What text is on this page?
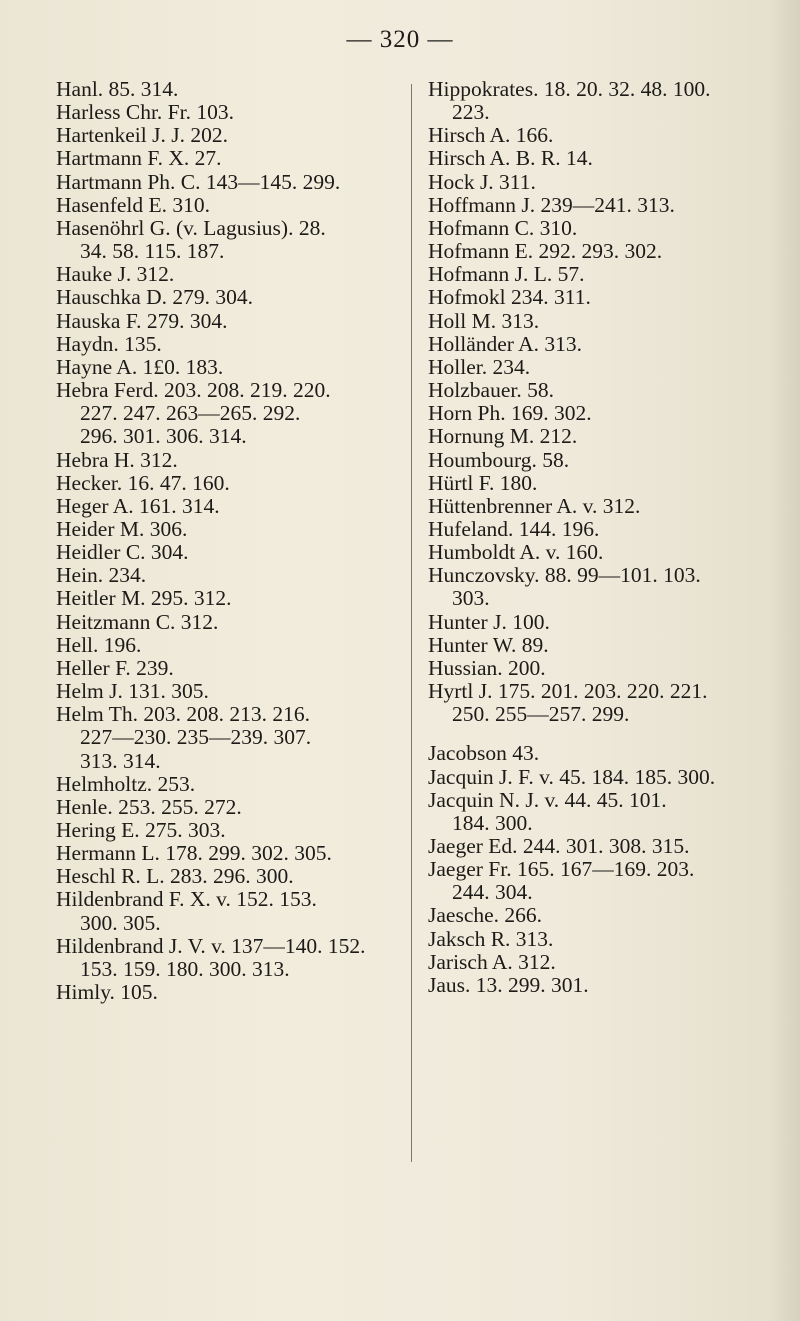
— 320 —
Hanl. 85. 314.
Harless Chr. Fr. 103.
Hartenkeil J. J. 202.
Hartmann F. X. 27.
Hartmann Ph. C. 143—145. 299.
Hasenfeld E. 310.
Hasenöhrl G. (v. Lagusius). 28.
34. 58. 115. 187.
Hauke J. 312.
Hauschka D. 279. 304.
Hauska F. 279. 304.
Haydn. 135.
Hayne A. 1£0. 183.
Hebra Ferd. 203. 208. 219. 220.
227. 247. 263—265. 292.
296. 301. 306. 314.
Hebra H. 312.
Hecker. 16. 47. 160.
Heger A. 161. 314.
Heider M. 306.
Heidler C. 304.
Hein. 234.
Heitler M. 295. 312.
Heitzmann C. 312.
Hell. 196.
Heller F. 239.
Helm J. 131. 305.
Helm Th. 203. 208. 213. 216.
227—230. 235—239. 307.
313. 314.
Helmholtz. 253.
Henle. 253. 255. 272.
Hering E. 275. 303.
Hermann L. 178. 299. 302. 305.
Heschl R. L. 283. 296. 300.
Hildenbrand F. X. v. 152. 153.
300. 305.
Hildenbrand J. V. v. 137—140. 152.
153. 159. 180. 300. 313.
Himly. 105.
Hippokrates. 18. 20. 32. 48. 100.
223.
Hirsch A. 166.
Hirsch A. B. R. 14.
Hock J. 311.
Hoffmann J. 239—241. 313.
Hofmann C. 310.
Hofmann E. 292. 293. 302.
Hofmann J. L. 57.
Hofmokl 234. 311.
Holl M. 313.
Holländer A. 313.
Holler. 234.
Holzbauer. 58.
Horn Ph. 169. 302.
Hornung M. 212.
Houmbourg. 58.
Hürtl F. 180.
Hüttenbrenner A. v. 312.
Hufeland. 144. 196.
Humboldt A. v. 160.
Hunczovsky. 88. 99—101. 103.
303.
Hunter J. 100.
Hunter W. 89.
Hussian. 200.
Hyrtl J. 175. 201. 203. 220. 221.
250. 255—257. 299.
Jacobson 43.
Jacquin J. F. v. 45. 184. 185. 300.
Jacquin N. J. v. 44. 45. 101.
184. 300.
Jaeger Ed. 244. 301. 308. 315.
Jaeger Fr. 165. 167—169. 203.
244. 304.
Jaesche. 266.
Jaksch R. 313.
Jarisch A. 312.
Jaus. 13. 299. 301.
